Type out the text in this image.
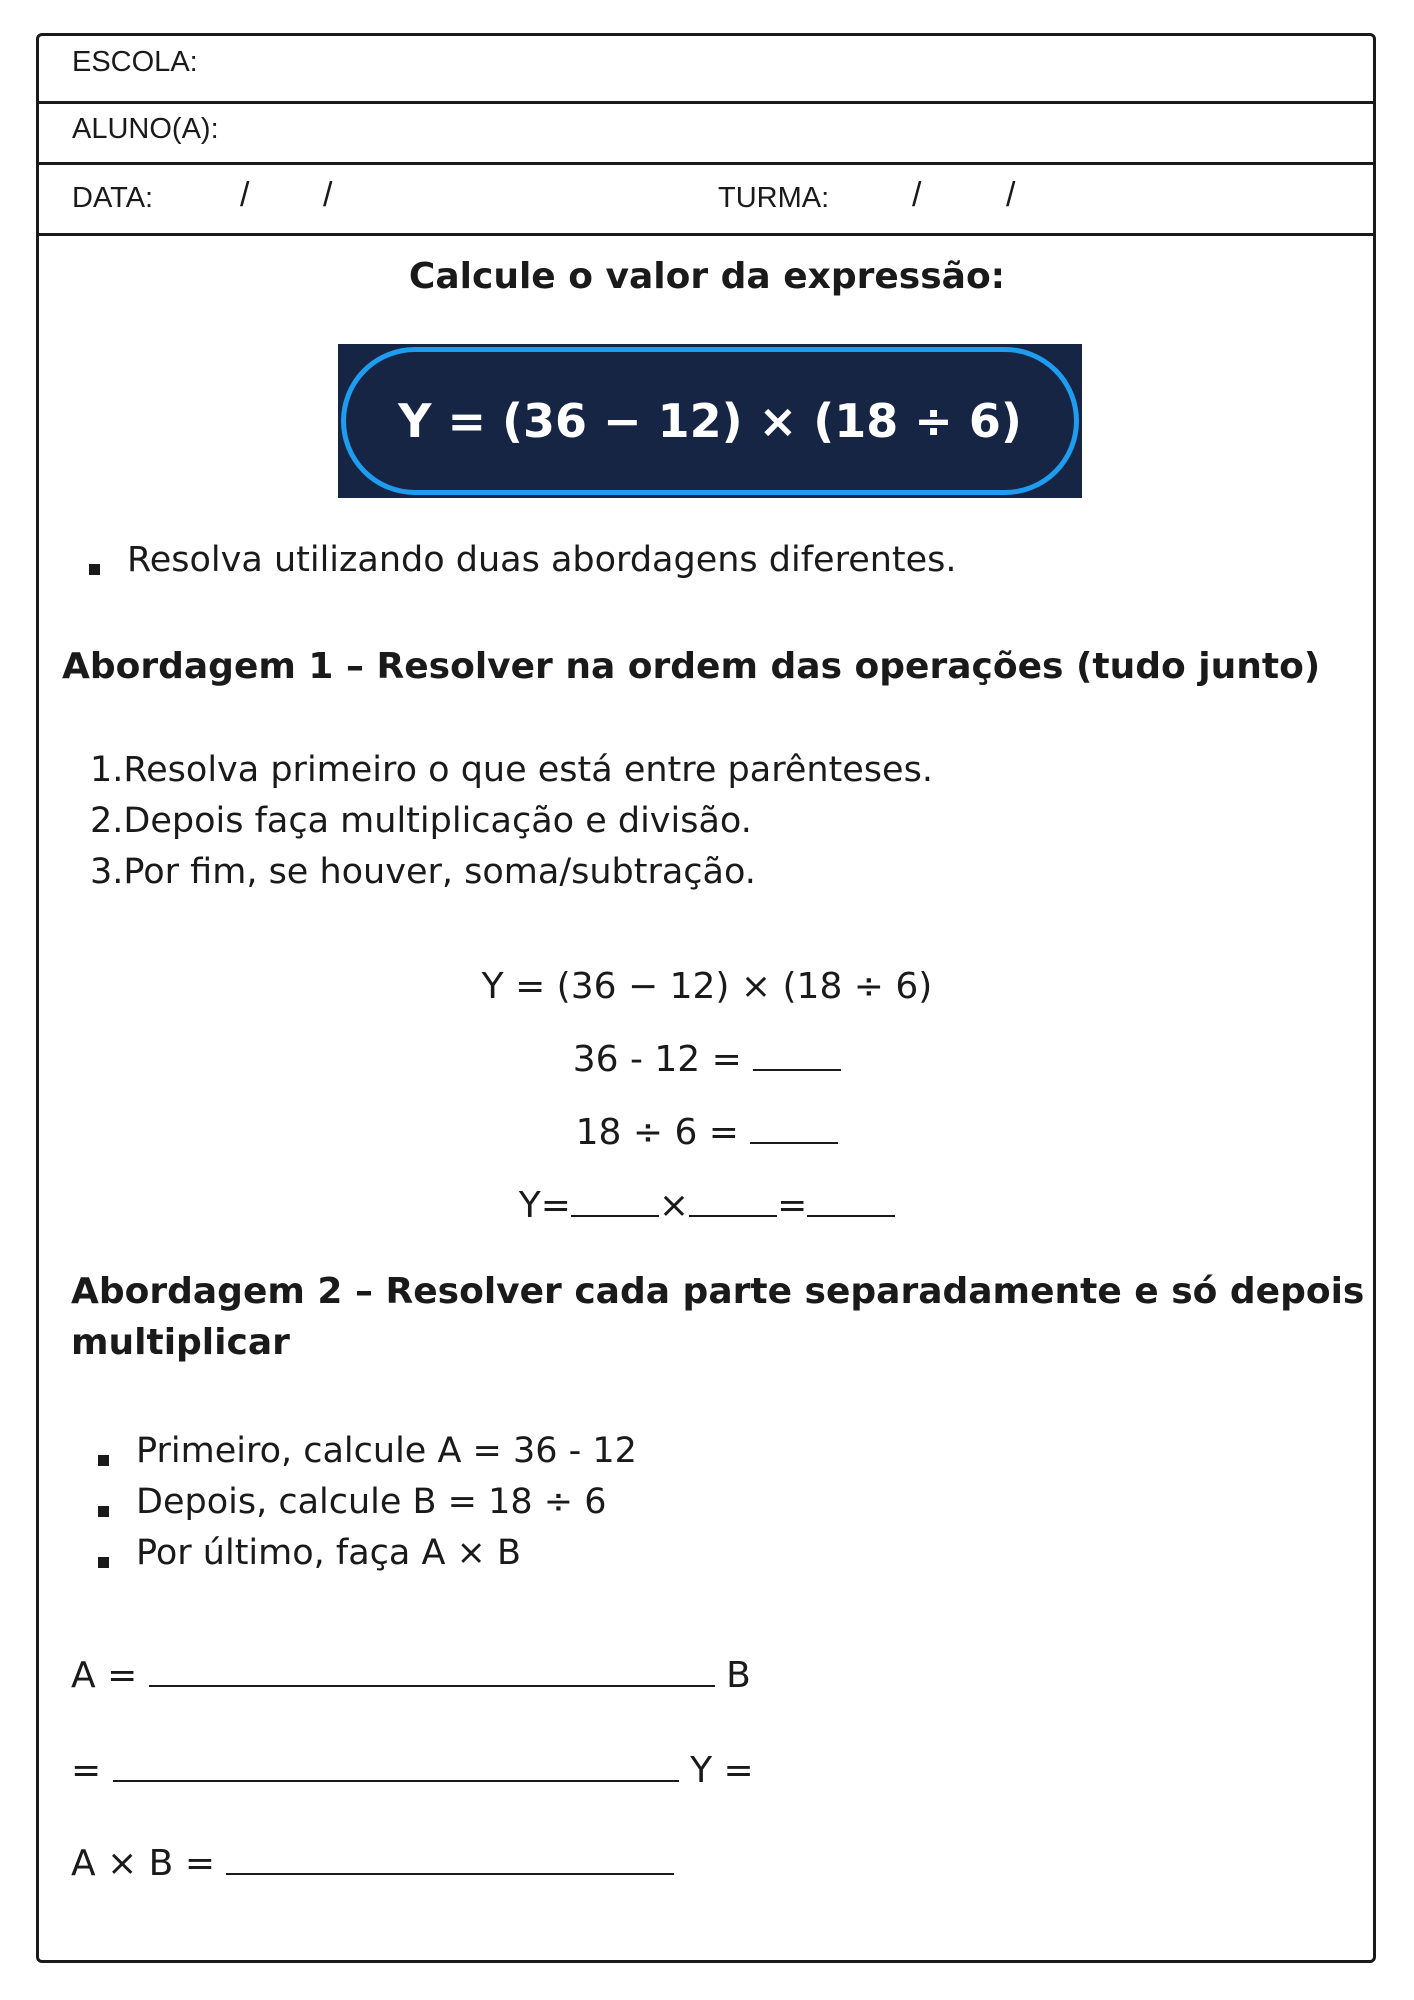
ESCOLA:
ALUNO(A):
DATA:	/ /	TURMA: / /
Calcule o valor da expressão:
Y = (36 − 12) × (18 ÷ 6)
Resolva utilizando duas abordagens diferentes.
Abordagem 1 – Resolver na ordem das operações (tudo junto)
1.Resolva primeiro o que está entre parênteses.
2.Depois faça multiplicação e divisão.
3.Por fim, se houver, soma/subtração.
Y = (36 − 12) × (18 ÷ 6)
36 - 12 =
18 ÷ 6 =
Y= × =
Abordagem 2 – Resolver cada parte separadamente e só depois
multiplicar
Primeiro, calcule A = 36 - 12
Depois, calcule B = 18 ÷ 6
Por último, faça A × B
A =	B
=	Y =
A × B =
